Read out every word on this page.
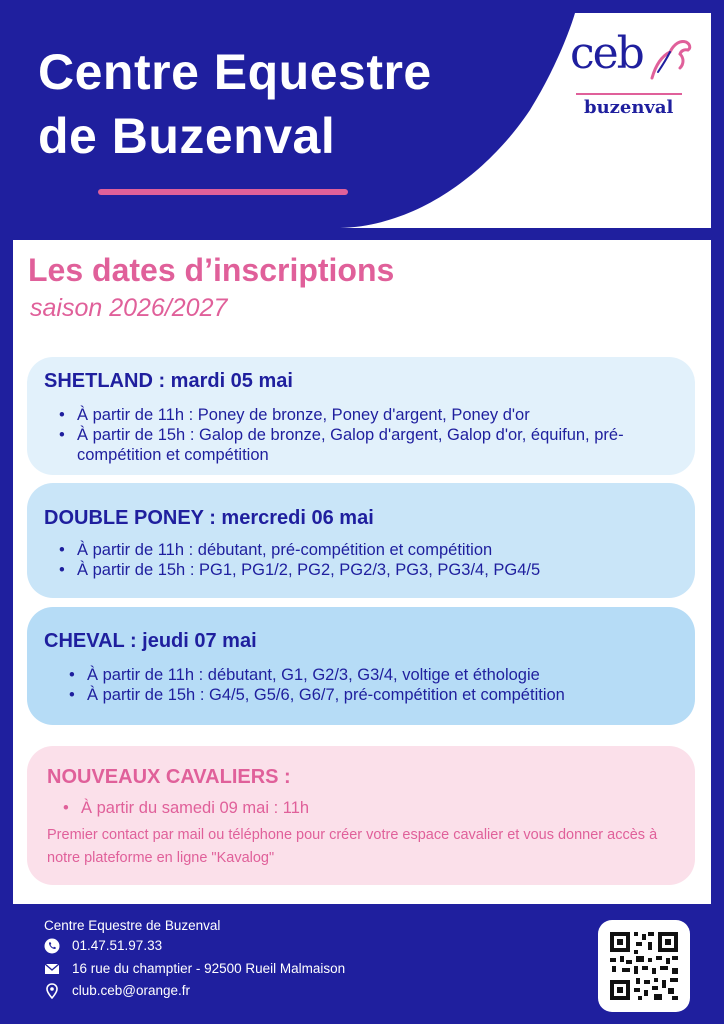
Centre Equestre
de Buzenval
ceb
buzenval
Les dates d’inscriptions
saison 2026/2027
SHETLAND : mardi 05 mai
• À partir de 11h : Poney de bronze, Poney d'argent, Poney d'or
• À partir de 15h : Galop de bronze, Galop d'argent, Galop d'or, équifun, pré-compétition et compétition
DOUBLE PONEY : mercredi 06 mai
• À partir de 11h : débutant, pré-compétition et compétition
• À partir de 15h : PG1, PG1/2, PG2, PG2/3, PG3, PG3/4, PG4/5
CHEVAL : jeudi 07 mai
• À partir de 11h : débutant, G1, G2/3, G3/4, voltige et éthologie
• À partir de 15h : G4/5, G5/6, G6/7, pré-compétition et compétition
NOUVEAUX CAVALIERS :
• À partir du samedi 09 mai : 11h
Premier contact par mail ou téléphone pour créer votre espace cavalier et vous donner accès à notre plateforme en ligne "Kavalog"
Centre Equestre de Buzenval
01.47.51.97.33
16 rue du champtier - 92500 Rueil Malmaison
club.ceb@orange.fr
